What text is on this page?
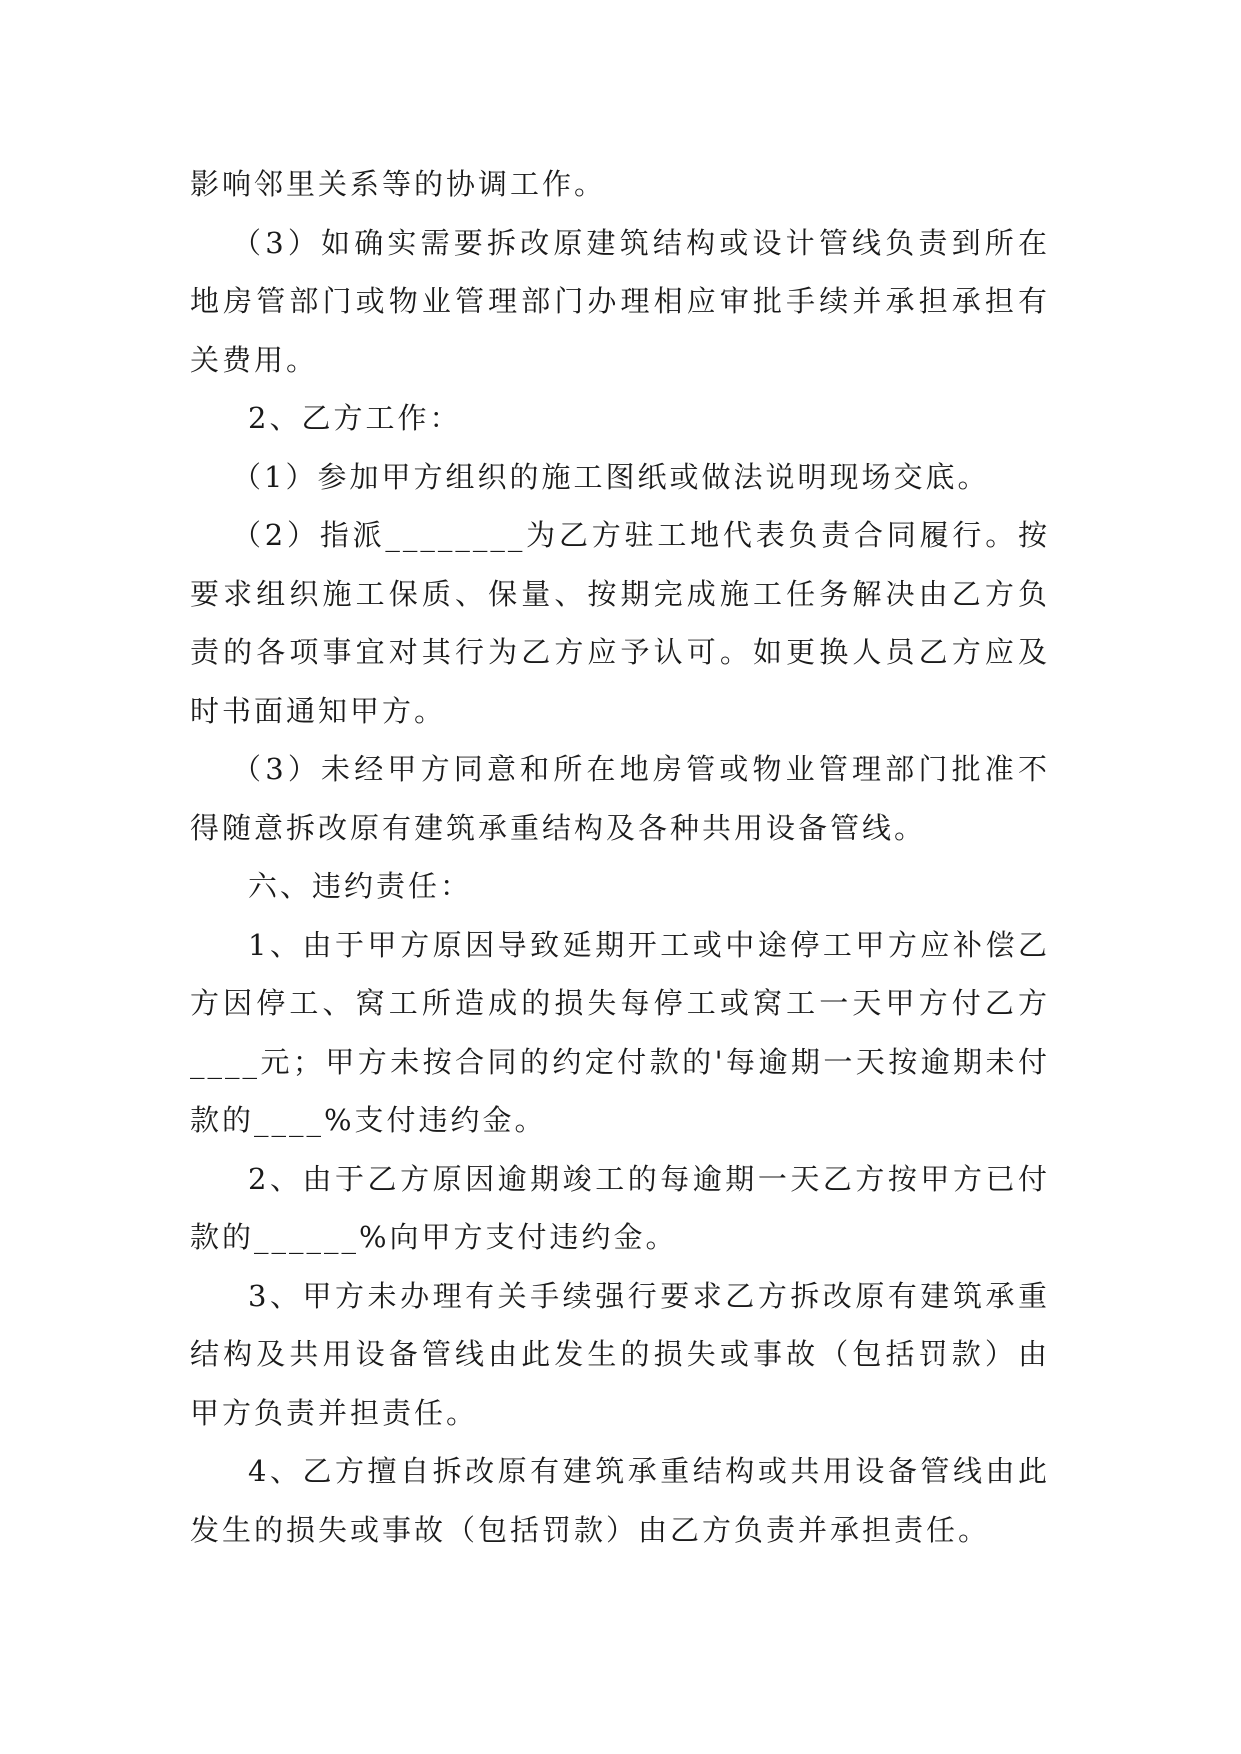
影响邻里关系等的协调工作。

（3）如确实需要拆改原建筑结构或设计管线负责到所在地房管部门或物业管理部门办理相应审批手续并承担承担有关费用。

2、乙方工作：

（1）参加甲方组织的施工图纸或做法说明现场交底。

（2）指派________为乙方驻工地代表负责合同履行。按要求组织施工保质、保量、按期完成施工任务解决由乙方负责的各项事宜对其行为乙方应予认可。如更换人员乙方应及时书面通知甲方。

（3）未经甲方同意和所在地房管或物业管理部门批准不得随意拆改原有建筑承重结构及各种共用设备管线。

六、违约责任：

1、由于甲方原因导致延期开工或中途停工甲方应补偿乙方因停工、窝工所造成的损失每停工或窝工一天甲方付乙方____元；甲方未按合同的约定付款的'每逾期一天按逾期未付款的____%支付违约金。

2、由于乙方原因逾期竣工的每逾期一天乙方按甲方已付款的______%向甲方支付违约金。

3、甲方未办理有关手续强行要求乙方拆改原有建筑承重结构及共用设备管线由此发生的损失或事故（包括罚款）由甲方负责并担责任。

4、乙方擅自拆改原有建筑承重结构或共用设备管线由此发生的损失或事故（包括罚款）由乙方负责并承担责任。
